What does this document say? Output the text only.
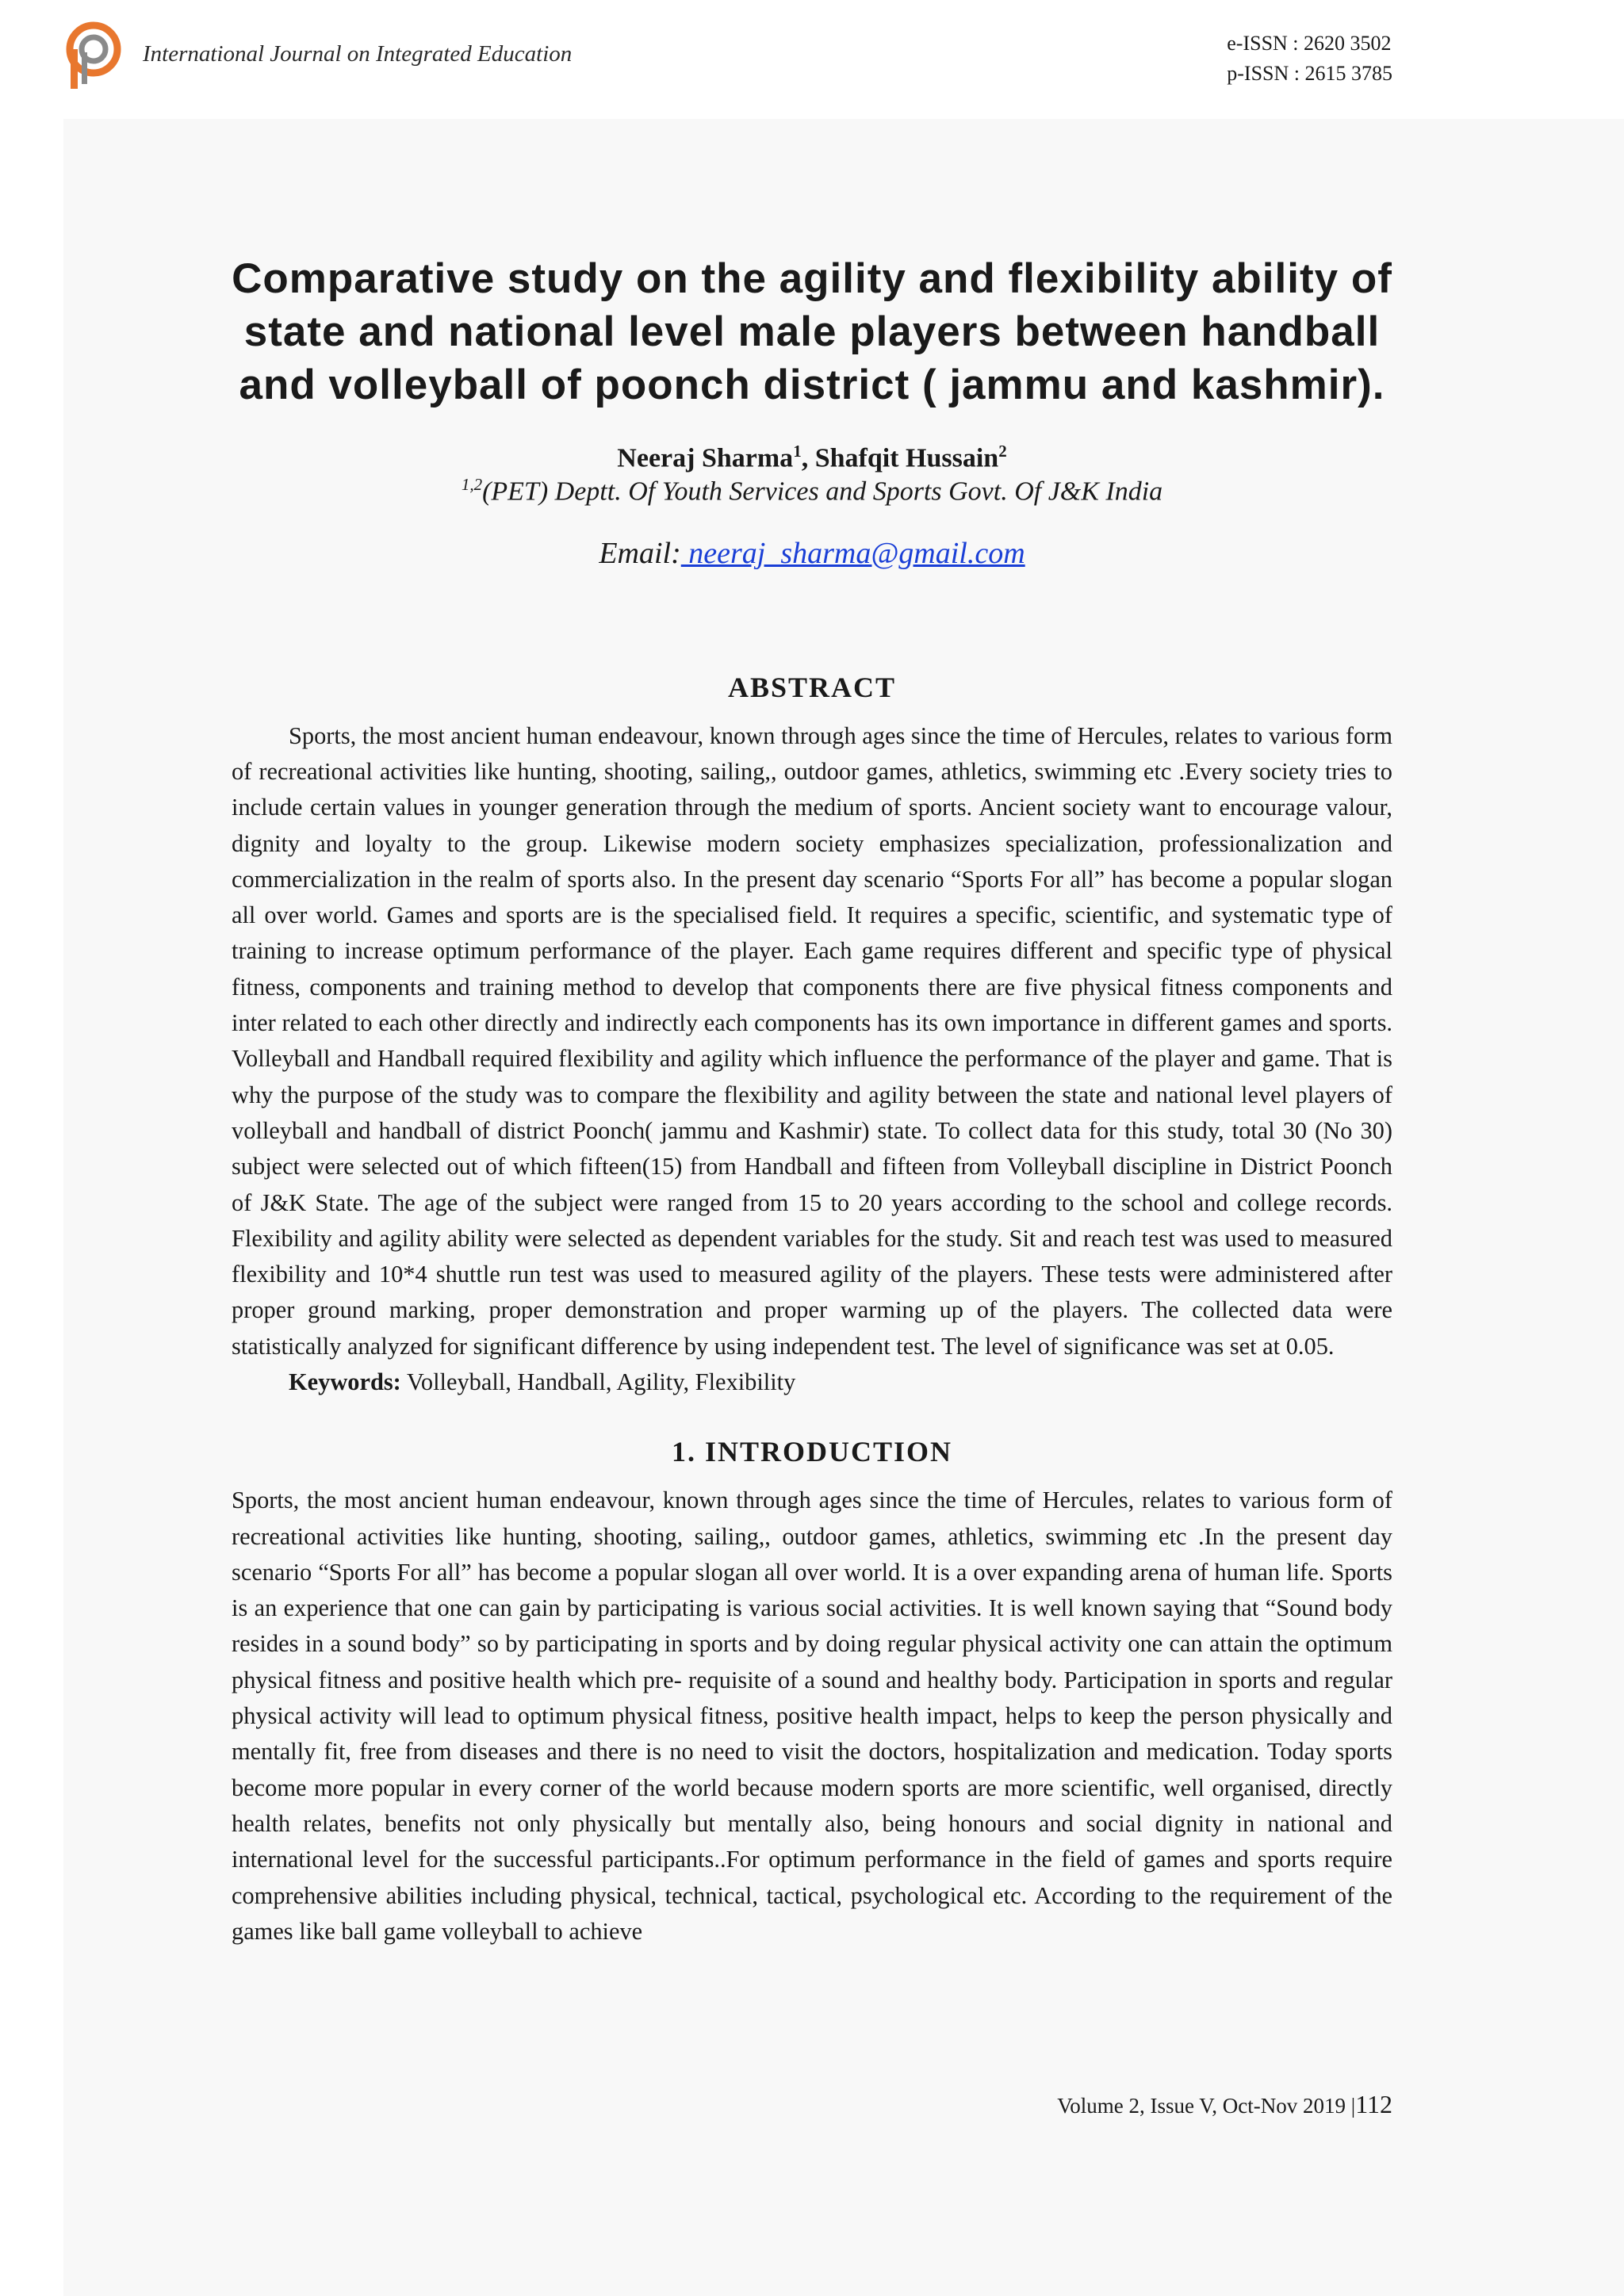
International Journal on Integrated Education	e-ISSN : 2620 3502
p-ISSN : 2615 3785
Comparative study on the agility and flexibility ability of
state and national level male players between handball
and volleyball of poonch district ( jammu and kashmir).
Neeraj Sharma$^1$, Shafqit Hussain$^2$
$^{1,2}$(PET) Deptt. Of Youth Services and Sports Govt. Of J&K India
Email: neeraj_sharma@gmail.com
ABSTRACT

Sports, the most ancient human endeavour, known through ages since the time of Hercules, relates to various form of recreational activities like hunting, shooting, sailing,, outdoor games, athletics, swimming etc .Every society tries to include certain values in younger generation through the medium of sports. Ancient society want to encourage valour, dignity and loyalty to the group. Likewise modern society emphasizes specialization, professionalization and commercialization in the realm of sports also. In the present day scenario “Sports For all” has become a popular slogan all over world. Games and sports are is the specialised field. It requires a specific, scientific, and systematic type of training to increase optimum performance of the player. Each game requires different and specific type of physical fitness, components and training method to develop that components there are five physical fitness components and inter related to each other directly and indirectly each components has its own importance in different games and sports. Volleyball and Handball required flexibility and agility which influence the performance of the player and game. That is why the purpose of the study was to compare the flexibility and agility between the state and national level players of volleyball and handball of district Poonch( jammu and Kashmir) state. To collect data for this study, total 30 (No 30) subject were selected out of which fifteen(15) from Handball and fifteen from Volleyball discipline in District Poonch of J&K State. The age of the subject were ranged from 15 to 20 years according to the school and college records. Flexibility and agility ability were selected as dependent variables for the study. Sit and reach test was used to measured flexibility and 10*4 shuttle run test was used to measured agility of the players. These tests were administered after proper ground marking, proper demonstration and proper warming up of the players. The collected data were statistically analyzed for significant difference by using independent test. The level of significance was set at 0.05.

Keywords: Volleyball, Handball, Agility, Flexibility

1. INTRODUCTION

Sports, the most ancient human endeavour, known through ages since the time of Hercules, relates to various form of recreational activities like hunting, shooting, sailing,, outdoor games, athletics, swimming etc .In the present day scenario “Sports For all” has become a popular slogan all over world. It is a over expanding arena of human life. Sports is an experience that one can gain by participating is various social activities. It is well known saying that “Sound body resides in a sound body” so by participating in sports and by doing regular physical activity one can attain the optimum physical fitness and positive health which pre- requisite of a sound and healthy body. Participation in sports and regular physical activity will lead to optimum physical fitness, positive health impact, helps to keep the person physically and mentally fit, free from diseases and there is no need to visit the doctors, hospitalization and medication. Today sports become more popular in every corner of the world because modern sports are more scientific, well organised, directly health relates, benefits not only physically but mentally also, being honours and social dignity in national and international level for the successful participants..For optimum performance in the field of games and sports require comprehensive abilities including physical, technical, tactical, psychological etc. According to the requirement of the games like ball game volleyball to achieve

Volume 2, Issue V, Oct-Nov 2019 |112
